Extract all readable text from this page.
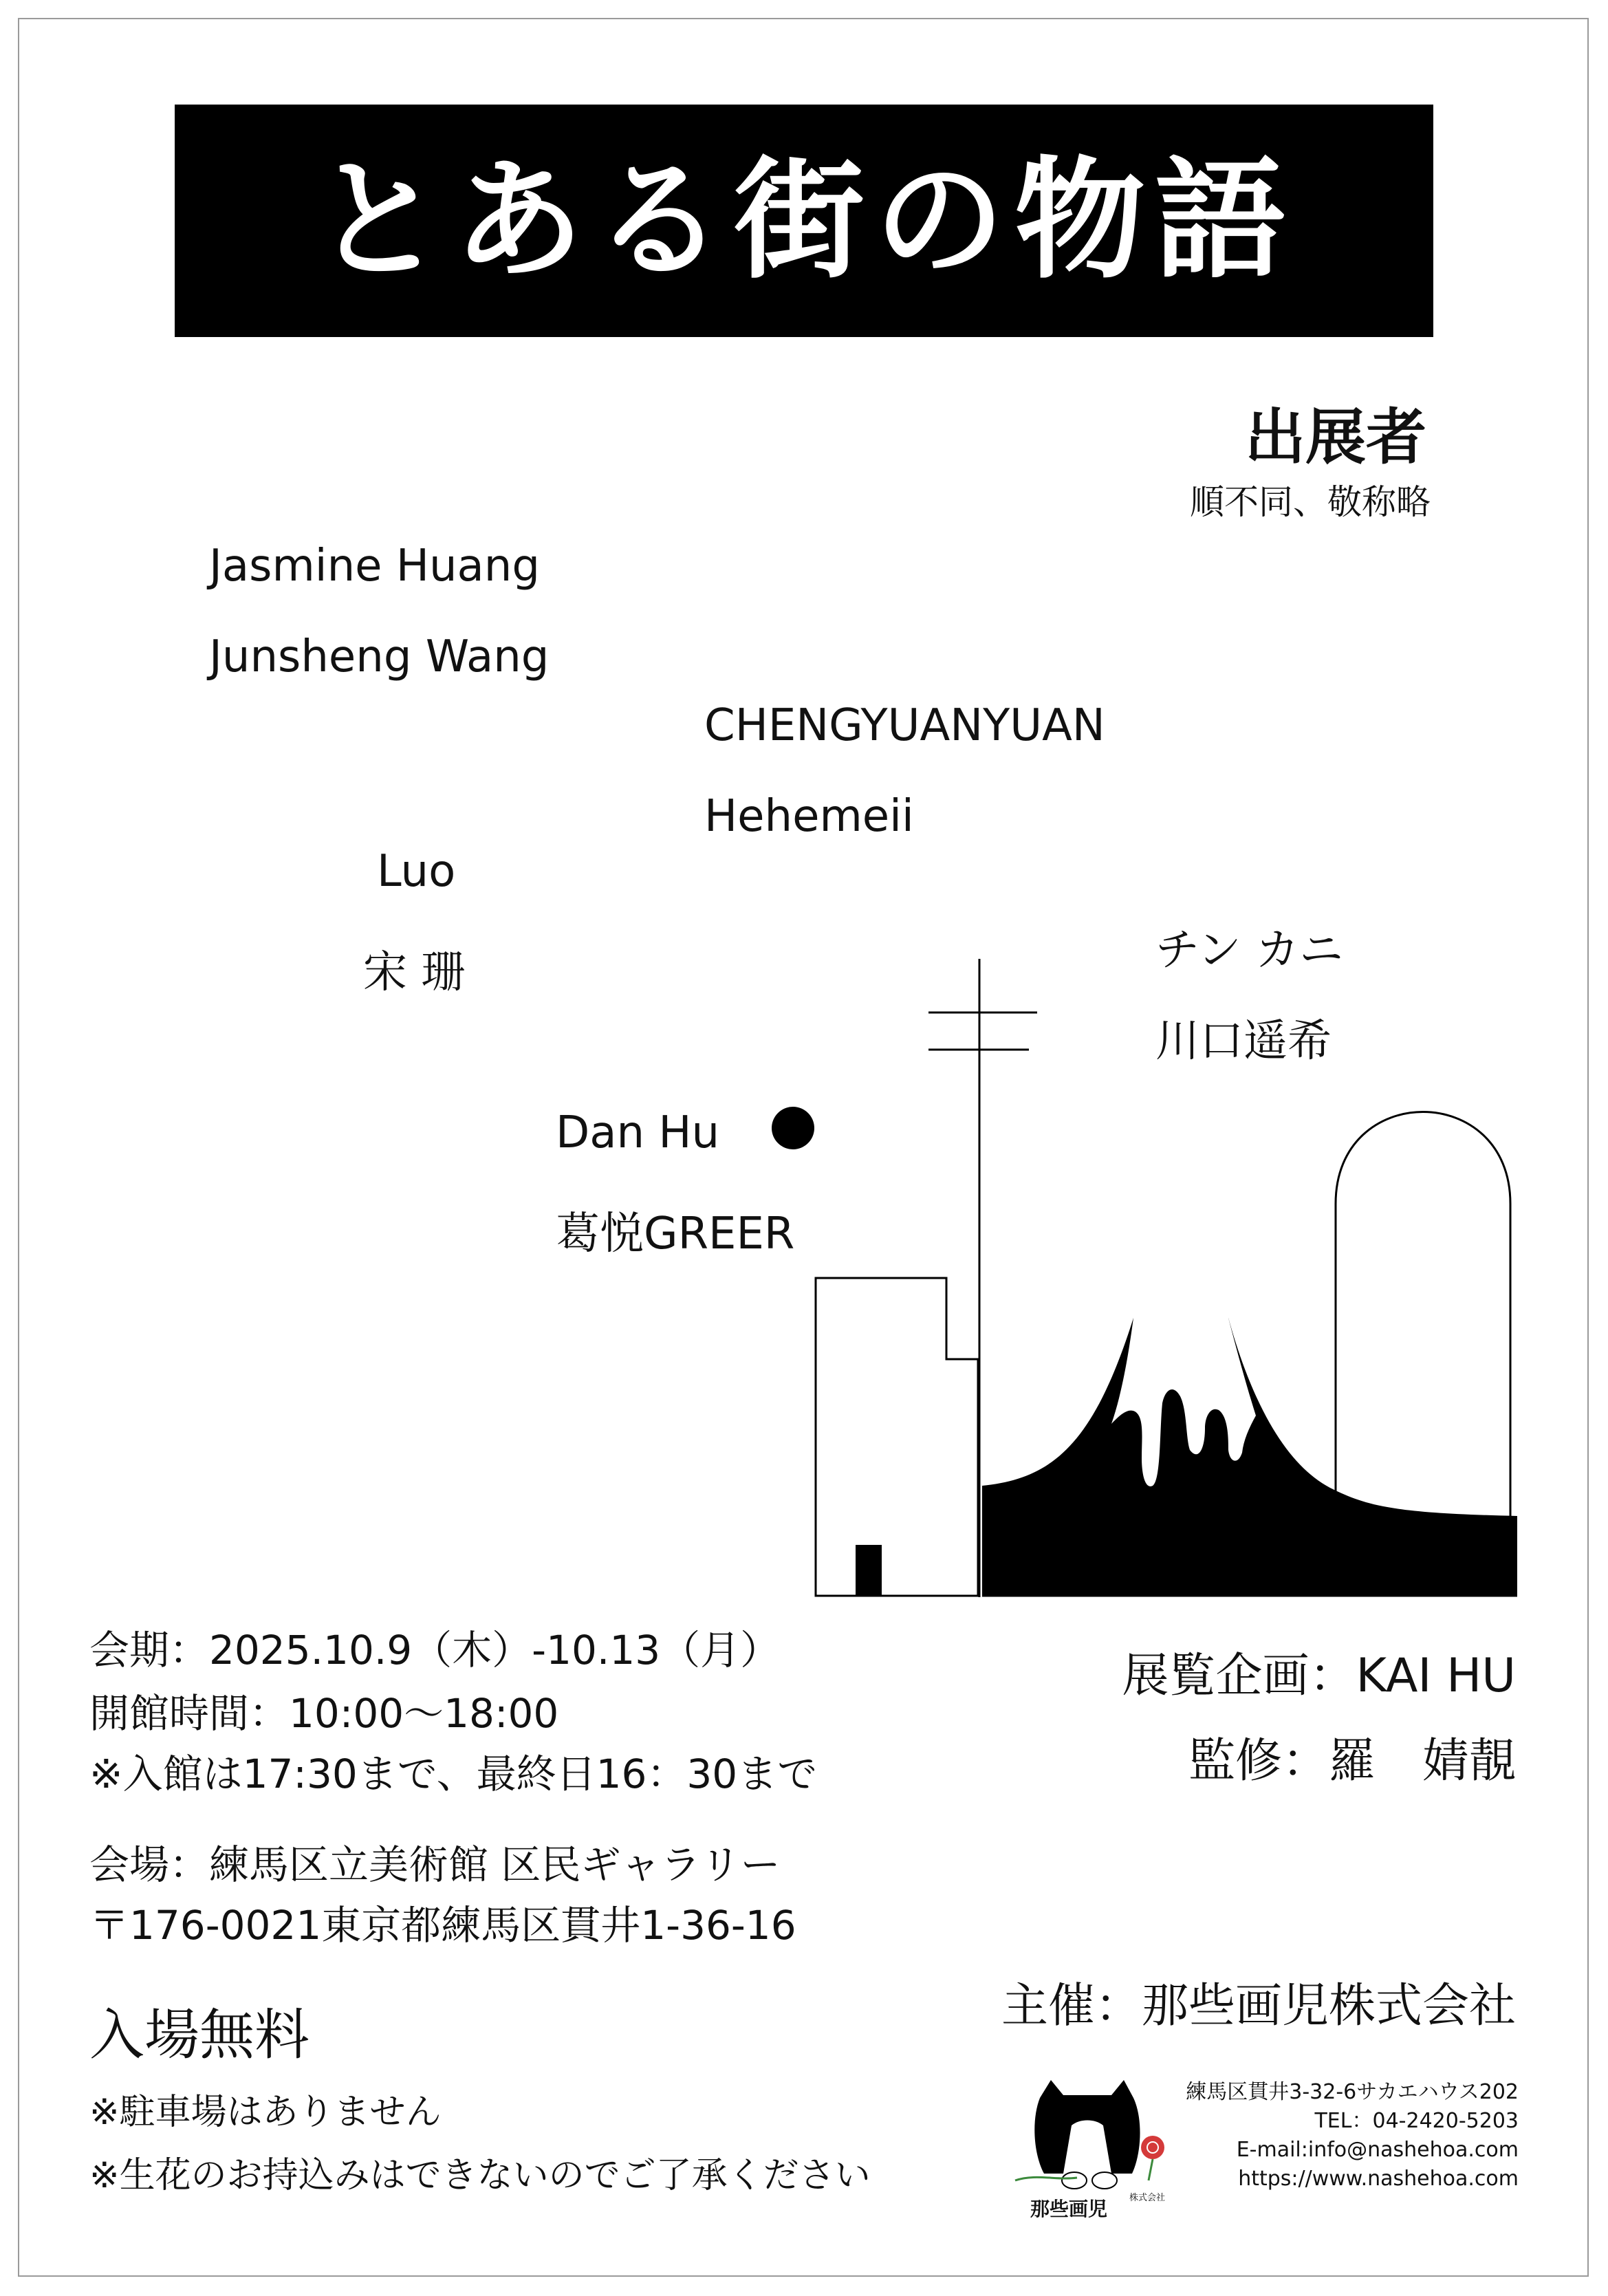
とある街の物語
出展者
順不同、敬称略
Jasmine Huang
Junsheng Wang
CHENGYUANYUAN
Hehemeii
Luo
宋 珊	チン カニ
川口遥希
Dan Hu
葛悦GREER
会期：2025.10.9（木）-10.13（月）
開館時間：10:00〜18:00
※入館は17:30まで、最終日16：30まで
会場：練馬区立美術館 区民ギャラリー
〒176-0021東京都練馬区貫井1-36-16
入場無料
※駐車場はありません
※生花のお持込みはできないのでご了承ください
展覧企画：KAI HU
監修：羅　婧靚
主催：那些画児株式会社
那些画児 株式会社
練馬区貫井3-32-6サカエハウス202
TEL：04-2420-5203
E-mail:info@nashehoa.com
https://www.nashehoa.com
